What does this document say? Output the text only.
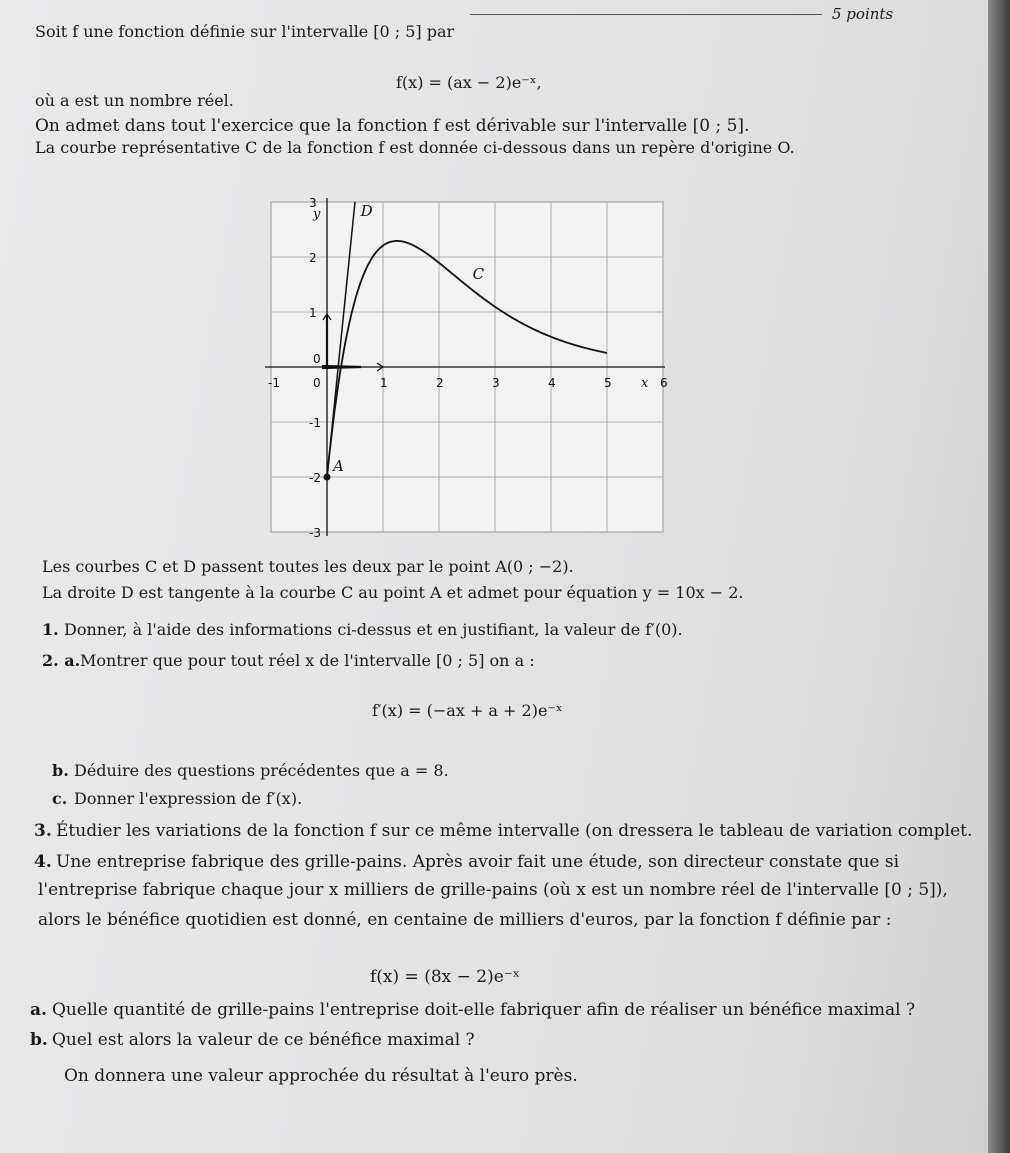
5 points
Soit f une fonction définie sur l'intervalle [0 ; 5] par
f(x) = (ax − 2)e⁻ˣ,
où a est un nombre réel.
On admet dans tout l'exercice que la fonction f est dérivable sur l'intervalle [0 ; 5].
La courbe représentative C de la fonction f est donnée ci-dessous dans un repère d'origine O.
-1	0	1	2	3	4	5	6
3
2
1
0
-1
-2
-3
x
y
A
C
D
Les courbes C et D passent toutes les deux par le point A(0 ; −2).
La droite D est tangente à la courbe C au point A et admet pour équation y = 10x − 2.
1. Donner, à l'aide des informations ci-dessus et en justifiant, la valeur de f′(0).
2. a. Montrer que pour tout réel x de l'intervalle [0 ; 5] on a :
f′(x) = (−ax + a + 2)e⁻ˣ
b. Déduire des questions précédentes que a = 8.
c. Donner l'expression de f′(x).
3. Étudier les variations de la fonction f sur ce même intervalle (on dressera le tableau de variation complet.
4. Une entreprise fabrique des grille-pains. Après avoir fait une étude, son directeur constate que si
l'entreprise fabrique chaque jour x milliers de grille-pains (où x est un nombre réel de l'intervalle [0 ; 5]),
alors le bénéfice quotidien est donné, en centaine de milliers d'euros, par la fonction f définie par :
f(x) = (8x − 2)e⁻ˣ
a. Quelle quantité de grille-pains l'entreprise doit-elle fabriquer afin de réaliser un bénéfice maximal ?
b. Quel est alors la valeur de ce bénéfice maximal ?
On donnera une valeur approchée du résultat à l'euro près.
